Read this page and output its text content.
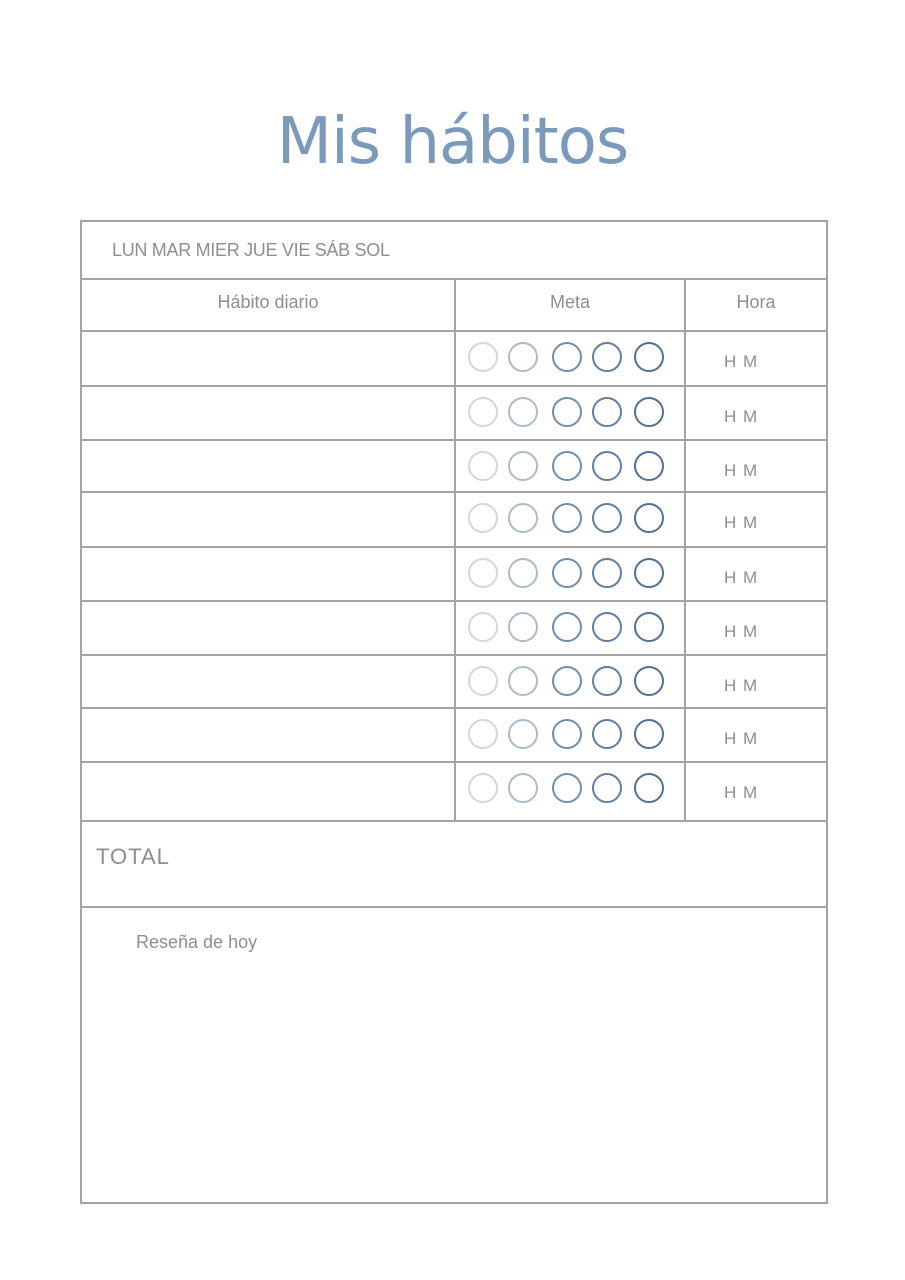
Mis hábitos
LUN MAR MIER JUE VIE SÁB SOL
Hábito diario	Meta	Hora
H M
H M
H M
H M
H M
H M
H M
H M
H M
TOTAL
Reseña de hoy
